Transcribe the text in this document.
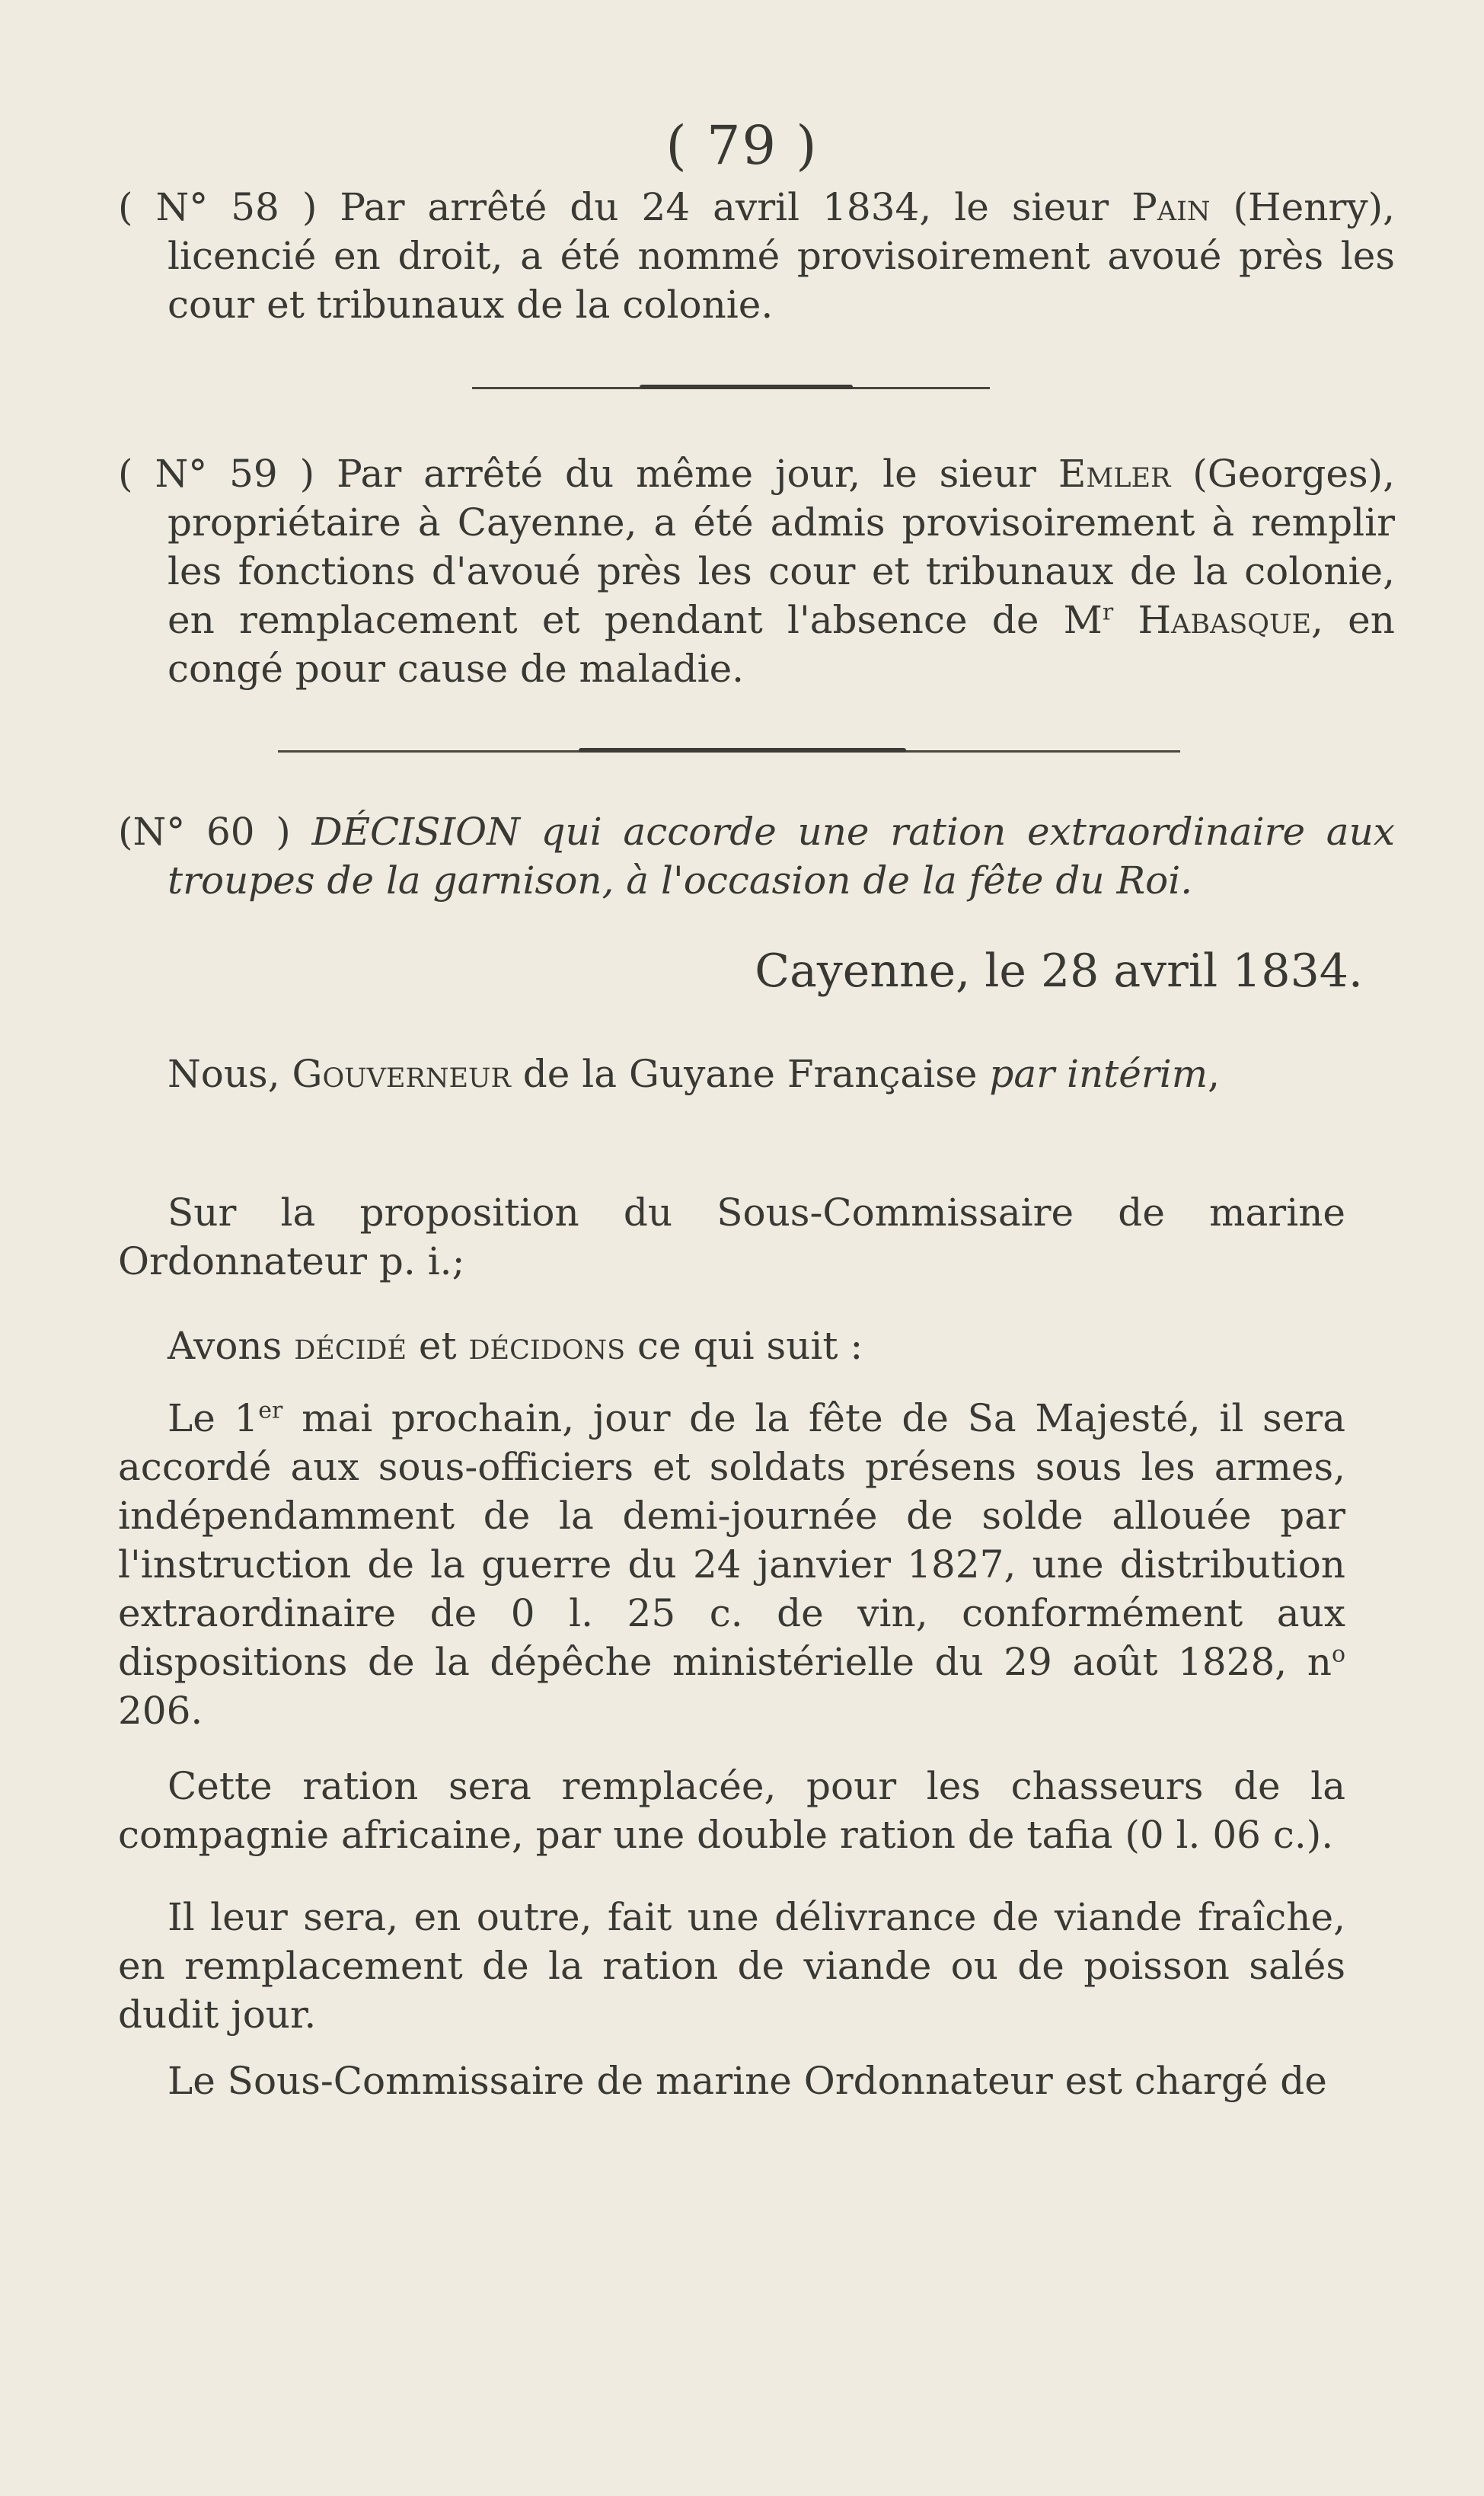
( 79 )
( N° 58 ) Par arrêté du 24 avril 1834, le sieur Pain (Henry), licencié en droit, a été nommé provisoirement avoué près les cour et tribunaux de la colonie.
( N° 59 ) Par arrêté du même jour, le sieur Emler (Georges), propriétaire à Cayenne, a été admis provisoirement à remplir les fonctions d'avoué près les cour et tribunaux de la colonie, en remplacement et pendant l'absence de $M^r$ Habasque, en congé pour cause de maladie.
(N° 60 ) DÉCISION qui accorde une ration extraordinaire aux troupes de la garnison, à l'occasion de la fête du Roi.
Cayenne, le 28 avril 1834.
Nous, Gouverneur de la Guyane Française par intérim,
Sur la proposition du Sous-Commissaire de marine Ordonnateur p. i.;
Avons décidé et décidons ce qui suit :
Le 1er mai prochain, jour de la fête de Sa Majesté, il sera accordé aux sous-officiers et soldats présens sous les armes, indépendamment de la demi-journée de solde allouée par l'instruction de la guerre du 24 janvier 1827, une distribution extraordinaire de 0 l. 25 c. de vin, conformément aux dispositions de la dépêche ministérielle du 29 août 1828, $n^o$ 206.
Cette ration sera remplacée, pour les chasseurs de la compagnie africaine, par une double ration de tafia (0 l. 06 c.).
Il leur sera, en outre, fait une délivrance de viande fraîche, en remplacement de la ration de viande ou de poisson salés dudit jour.
Le Sous-Commissaire de marine Ordonnateur est chargé de
